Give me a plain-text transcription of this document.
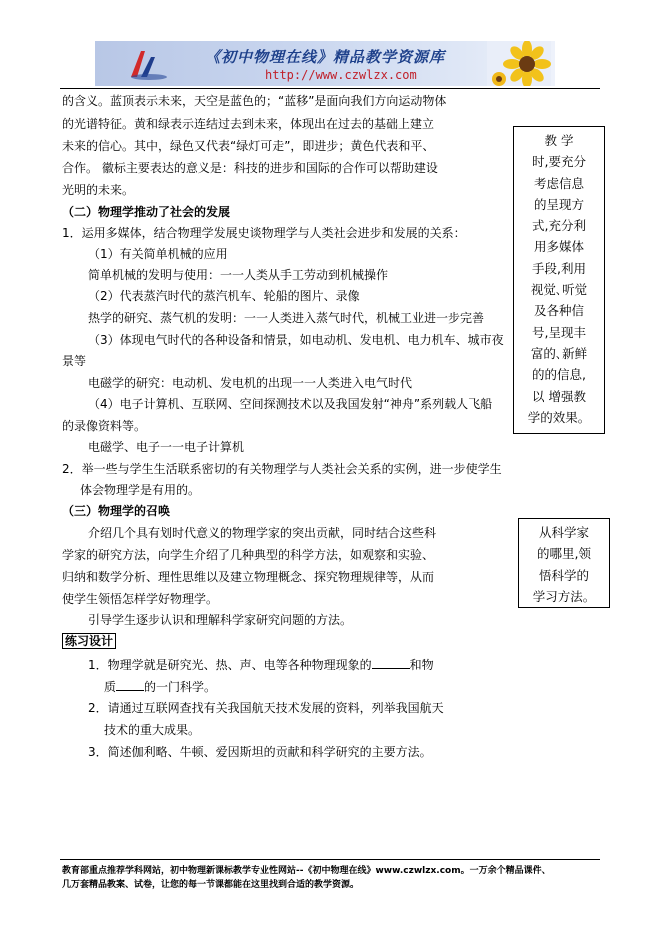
《初中物理在线》精品教学资源库
http://www.czwlzx.com
的含义。蓝顶表示未来，天空是蓝色的；“蓝移”是面向我们方向运动物体
的光谱特征。黄和绿表示连结过去到未来，体现出在过去的基础上建立
未来的信心。其中，绿色又代表“绿灯可走”，即进步；黄色代表和平、
合作。 徽标主要表达的意义是：科技的进步和国际的合作可以帮助建设
光明的未来。
（二）物理学推动了社会的发展
1．运用多媒体，结合物理学发展史谈物理学与人类社会进步和发展的关系：
（1）有关简单机械的应用
简单机械的发明与使用：一一人类从手工劳动到机械操作
（2）代表蒸汽时代的蒸汽机车、轮船的图片、录像
热学的研究、蒸气机的发明：一一人类进入蒸气时代，机械工业进一步完善
（3）体现电气时代的各种设备和情景，如电动机、发电机、电力机车、城市夜
景等
电磁学的研究：电动机、发电机的出现一一人类进入电气时代
（4）电子计算机、互联网、空间探测技术以及我国发射“神舟”系列载人飞船
的录像资料等。
电磁学、电子一一电子计算机
2．举一些与学生生活联系密切的有关物理学与人类社会关系的实例，进一步使学生
体会物理学是有用的。
（三）物理学的召唤
介绍几个具有划时代意义的物理学家的突出贡献，同时结合这些科
学家的研究方法，向学生介绍了几种典型的科学方法，如观察和实验、
归纳和数学分析、理性思维以及建立物理概念、探究物理规律等，从而
使学生领悟怎样学好物理学。
引导学生逐步认识和理解科学家研究问题的方法。
练习设计
1．物理学就是研究光、热、声、电等各种物理现象的	和物
质 的一门科学。
2．请通过互联网查找有关我国航天技术发展的资料，列举我国航天
技术的重大成果。
3．简述伽利略、牛顿、爱因斯坦的贡献和科学研究的主要方法。
教 学
时,要充分
考虑信息
的呈现方
式,充分利
用多媒体
手段,利用
视觉､听觉
及各种信
号,呈现丰
富的､新鲜
的的信息,
以 增强教
学的效果。
从科学家
的哪里,领
悟科学的
学习方法。
教育部重点推荐学科网站，初中物理新课标教学专业性网站--《初中物理在线》www.czwlzx.com。一万余个精品课件、
几万套精品教案、试卷，让您的每一节课都能在这里找到合适的教学资源。
